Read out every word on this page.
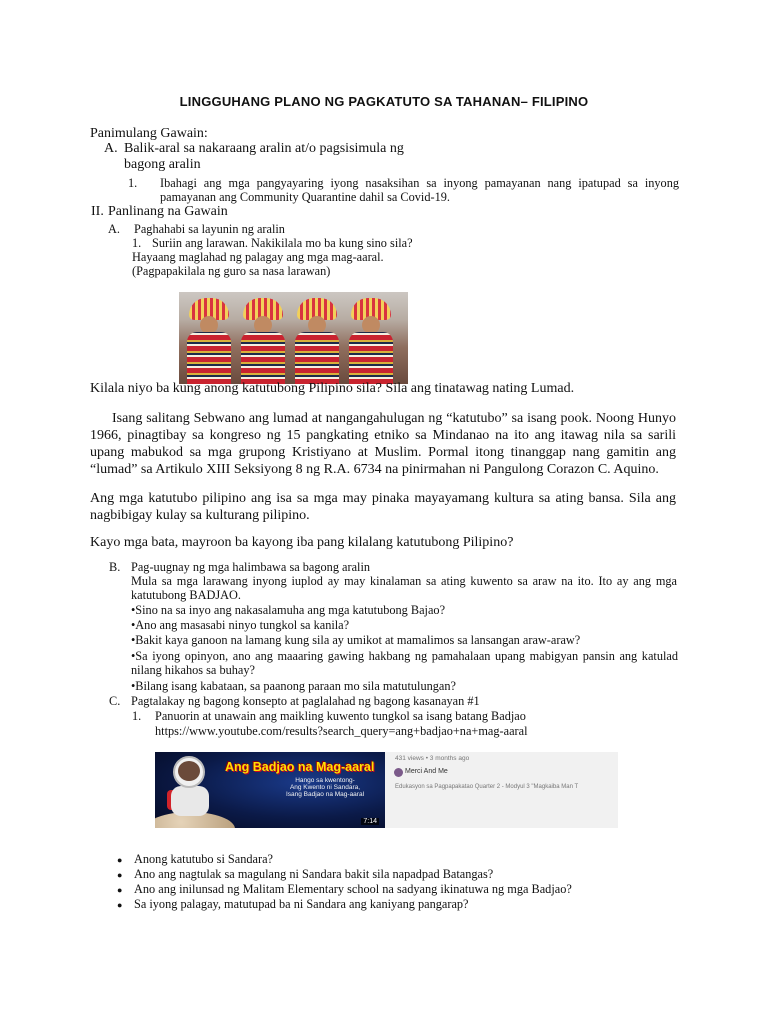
LINGGUHANG PLANO NG PAGKATUTO SA TAHANAN– FILIPINO
Panimulang Gawain:
A. Balik-aral sa nakaraang aralin at/o pagsisimula ng
bagong aralin
1. Ibahagi ang mga pangyayaring iyong nasaksihan sa inyong pamayanan nang ipatupad sa inyong pamayanan ang Community Quarantine dahil sa Covid-19.
II. Panlinang na Gawain
A. Paghahabi sa layunin ng aralin
1. Suriin ang larawan. Nakikilala mo ba kung sino sila?
Hayaang maglahad ng palagay ang mga mag-aaral.
(Pagpapakilala ng guro sa nasa larawan)
Kilala niyo ba kung anong katutubong Pilipino sila? Sila ang tinatawag nating Lumad.
Isang salitang Sebwano ang lumad at nangangahulugan ng “katutubo” sa isang pook. Noong Hunyo 1966, pinagtibay sa kongreso ng 15 pangkating etniko sa Mindanao na ito ang itawag nila sa sarili upang mabukod sa mga grupong Kristiyano at Muslim. Pormal itong tinanggap nang gamitin ang “lumad” sa Artikulo XIII Seksiyong 8 ng R.A. 6734 na pinirmahan ni Pangulong Corazon C. Aquino.
Ang mga katutubo pilipino ang isa sa mga may pinaka mayayamang kultura sa ating bansa. Sila ang nagbibigay kulay sa kulturang pilipino.
Kayo mga bata, mayroon ba kayong iba pang kilalang katutubong Pilipino?
B. Pag-uugnay ng mga halimbawa sa bagong aralin
Mula sa mga larawang inyong iuplod ay may kinalaman sa ating kuwento sa araw na ito. Ito ay ang mga katutubong BADJAO.
•Sino na sa inyo ang nakasalamuha ang mga katutubong Bajao?
•Ano ang masasabi ninyo tungkol sa kanila?
•Bakit kaya ganoon na lamang kung sila ay umikot at mamalimos sa lansangan araw-araw?
•Sa iyong opinyon, ano ang maaaring gawing hakbang ng pamahalaan upang mabigyan pansin ang katulad nilang hikahos sa buhay?
•Bilang isang kabataan, sa paanong paraan mo sila matutulungan?
C. Pagtalakay ng bagong konsepto at paglalahad ng bagong kasanayan #1
1. Panuorin at unawain ang maikling kuwento tungkol sa isang batang Badjao
https://www.youtube.com/results?search_query=ang+badjao+na+mag-aaral
Ang Badjao na Mag-aaral
Hango sa kwentong-
Ang Kwento ni Sandara,
Isang Badjao na Mag-aaral
7:14
431 views • 3 months ago
Merci And Me
Edukasyon sa Pagpapakatao Quarter 2 - Modyul 3 "Magkaiba Man T
● Anong katutubo si Sandara?
● Ano ang nagtulak sa magulang ni Sandara bakit sila napadpad Batangas?
● Ano ang inilunsad ng Malitam Elementary school na sadyang ikinatuwa ng mga Badjao?
● Sa iyong palagay, matutupad ba ni Sandara ang kaniyang pangarap?
